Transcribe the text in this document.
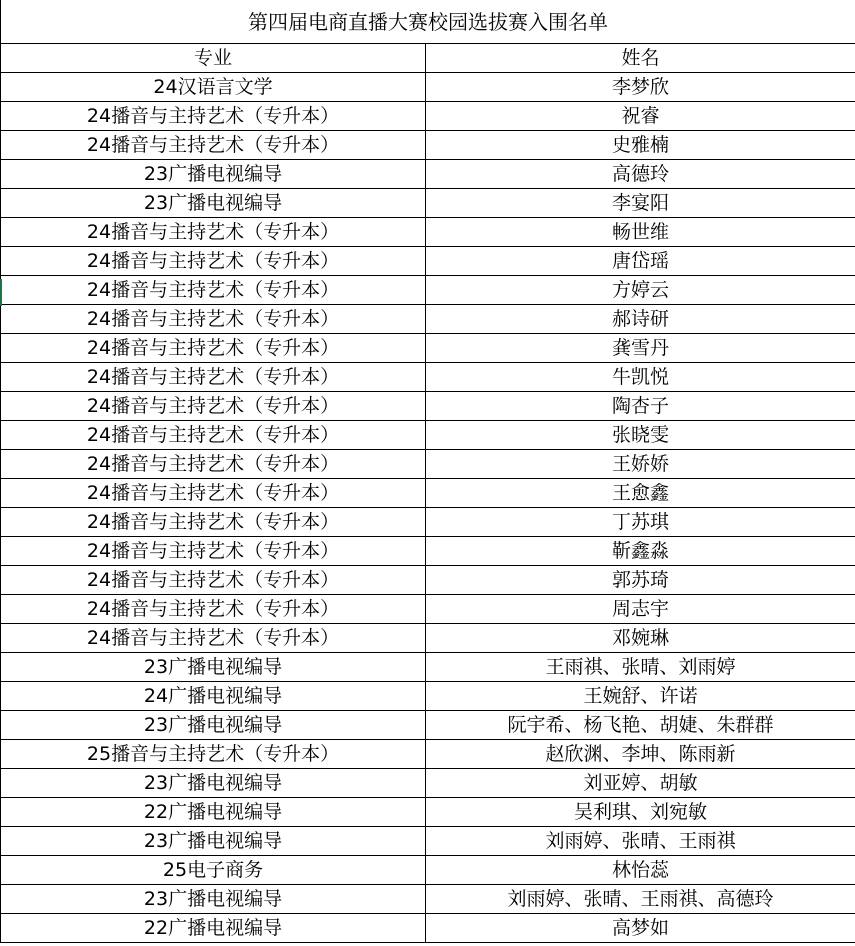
第四届电商直播大赛校园选拔赛入围名单	
专业	姓名
24汉语言文学	李梦欣
24播音与主持艺术（专升本）	祝睿
24播音与主持艺术（专升本）	史雅楠
23广播电视编导	高德玲
23广播电视编导	李宴阳
24播音与主持艺术（专升本）	畅世维
24播音与主持艺术（专升本）	唐岱瑶
24播音与主持艺术（专升本）	方婷云
24播音与主持艺术（专升本）	郝诗研
24播音与主持艺术（专升本）	龚雪丹
24播音与主持艺术（专升本）	牛凯悦
24播音与主持艺术（专升本）	陶杏子
24播音与主持艺术（专升本）	张晓雯
24播音与主持艺术（专升本）	王娇娇
24播音与主持艺术（专升本）	王愈鑫
24播音与主持艺术（专升本）	丁苏琪
24播音与主持艺术（专升本）	靳鑫淼
24播音与主持艺术（专升本）	郭苏琦
24播音与主持艺术（专升本）	周志宇
24播音与主持艺术（专升本）	邓婉琳
23广播电视编导	王雨祺、张晴、刘雨婷
24广播电视编导	王婉舒、许诺
23广播电视编导	阮宇希、杨飞艳、胡婕、朱群群
25播音与主持艺术（专升本）	赵欣渊、李坤、陈雨新
23广播电视编导	刘亚婷、胡敏
22广播电视编导	吴利琪、刘宛敏
23广播电视编导	刘雨婷、张晴、王雨祺
25电子商务	林怡蕊
23广播电视编导	刘雨婷、张晴、王雨祺、高德玲
22广播电视编导	高梦如
